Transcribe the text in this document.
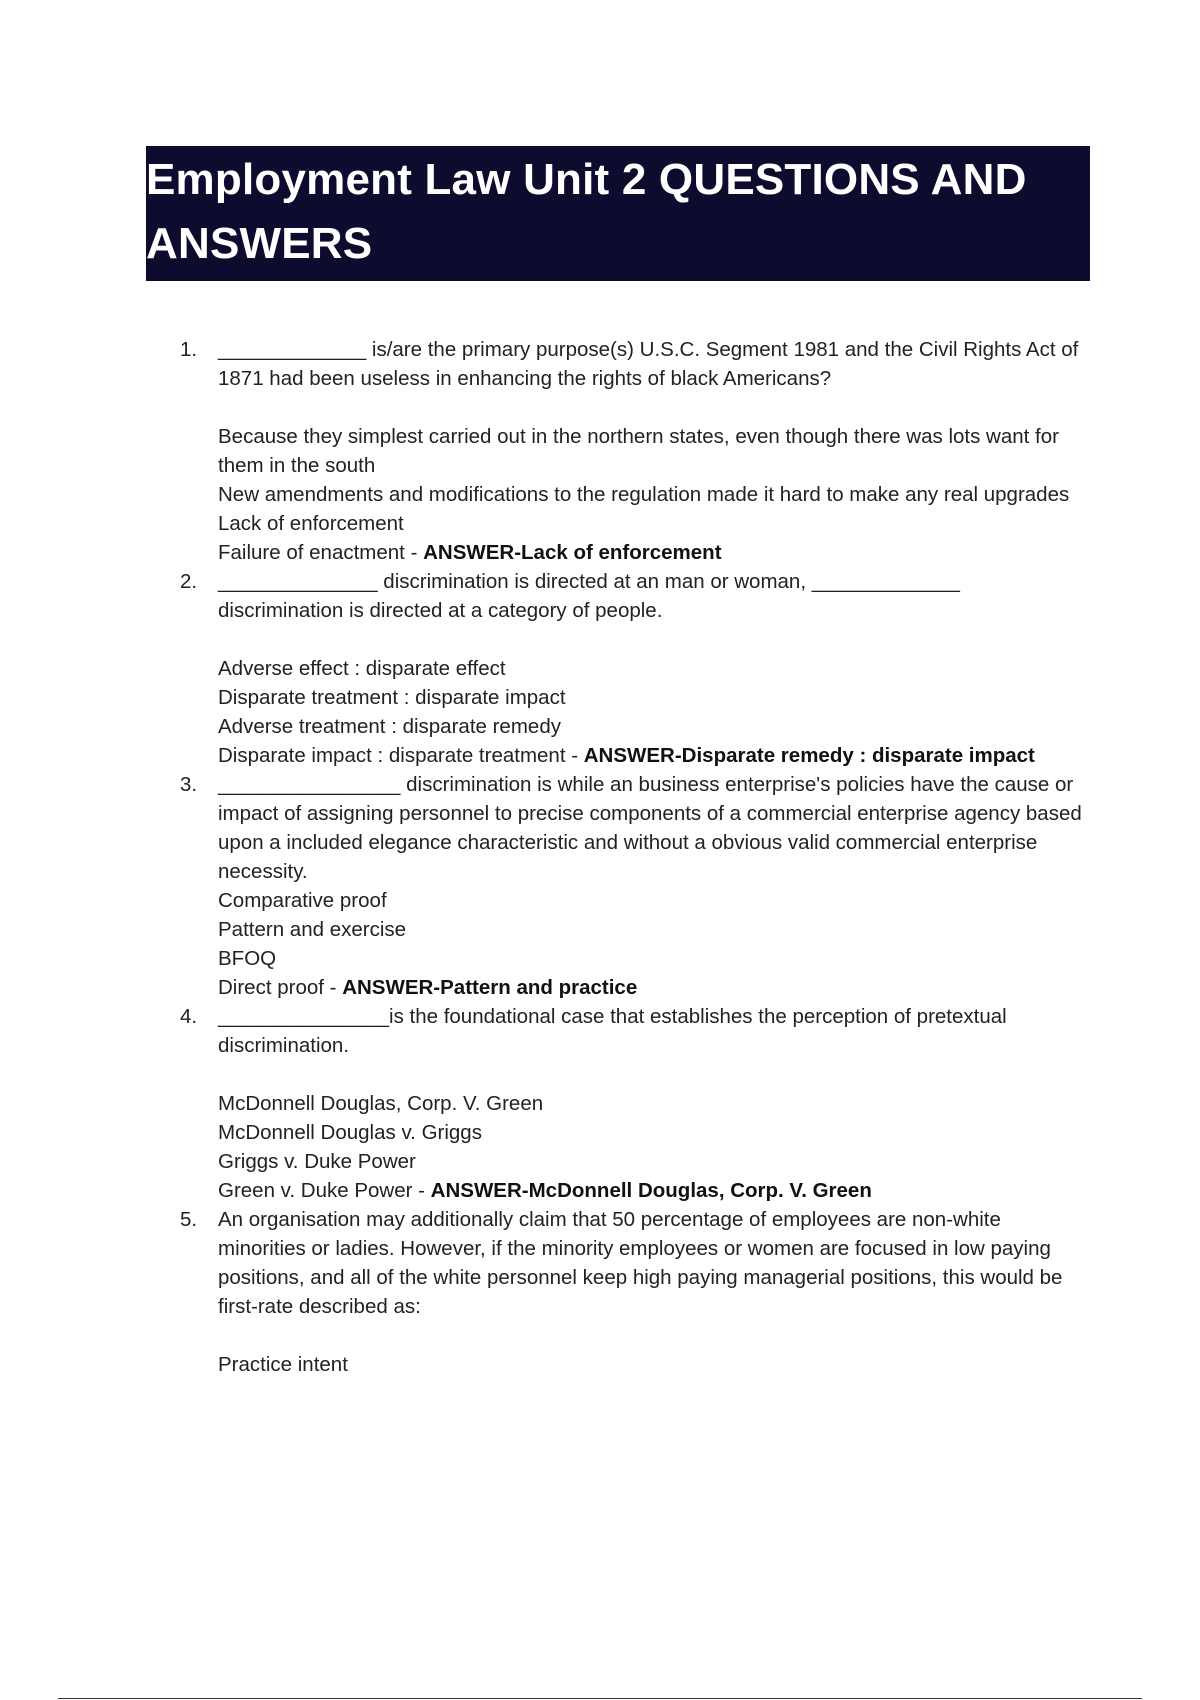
Employment Law Unit 2 QUESTIONS AND ANSWERS
1.	_____________ is/are the primary purpose(s) U.S.C. Segment 1981 and the Civil Rights Act of 1871 had been useless in enhancing the rights of black Americans?
Because they simplest carried out in the northern states, even though there was lots want for them in the south
New amendments and modifications to the regulation made it hard to make any real upgrades
Lack of enforcement
Failure of enactment - ANSWER-Lack of enforcement
2.	______________ discrimination is directed at an man or woman, _____________ discrimination is directed at a category of people.
Adverse effect : disparate effect
Disparate treatment : disparate impact
Adverse treatment : disparate remedy
Disparate impact : disparate treatment - ANSWER-Disparate remedy : disparate impact
3.	________________ discrimination is while an business enterprise's policies have the cause or impact of assigning personnel to precise components of a commercial enterprise agency based upon a included elegance characteristic and without a obvious valid commercial enterprise necessity.
Comparative proof
Pattern and exercise
BFOQ
Direct proof - ANSWER-Pattern and practice
4.	_______________is the foundational case that establishes the perception of pretextual discrimination.
McDonnell Douglas, Corp. V. Green
McDonnell Douglas v. Griggs
Griggs v. Duke Power
Green v. Duke Power - ANSWER-McDonnell Douglas, Corp. V. Green
5.	An organisation may additionally claim that 50 percentage of employees are non-white minorities or ladies. However, if the minority employees or women are focused in low paying positions, and all of the white personnel keep high paying managerial positions, this would be first-rate described as:
Practice intent
